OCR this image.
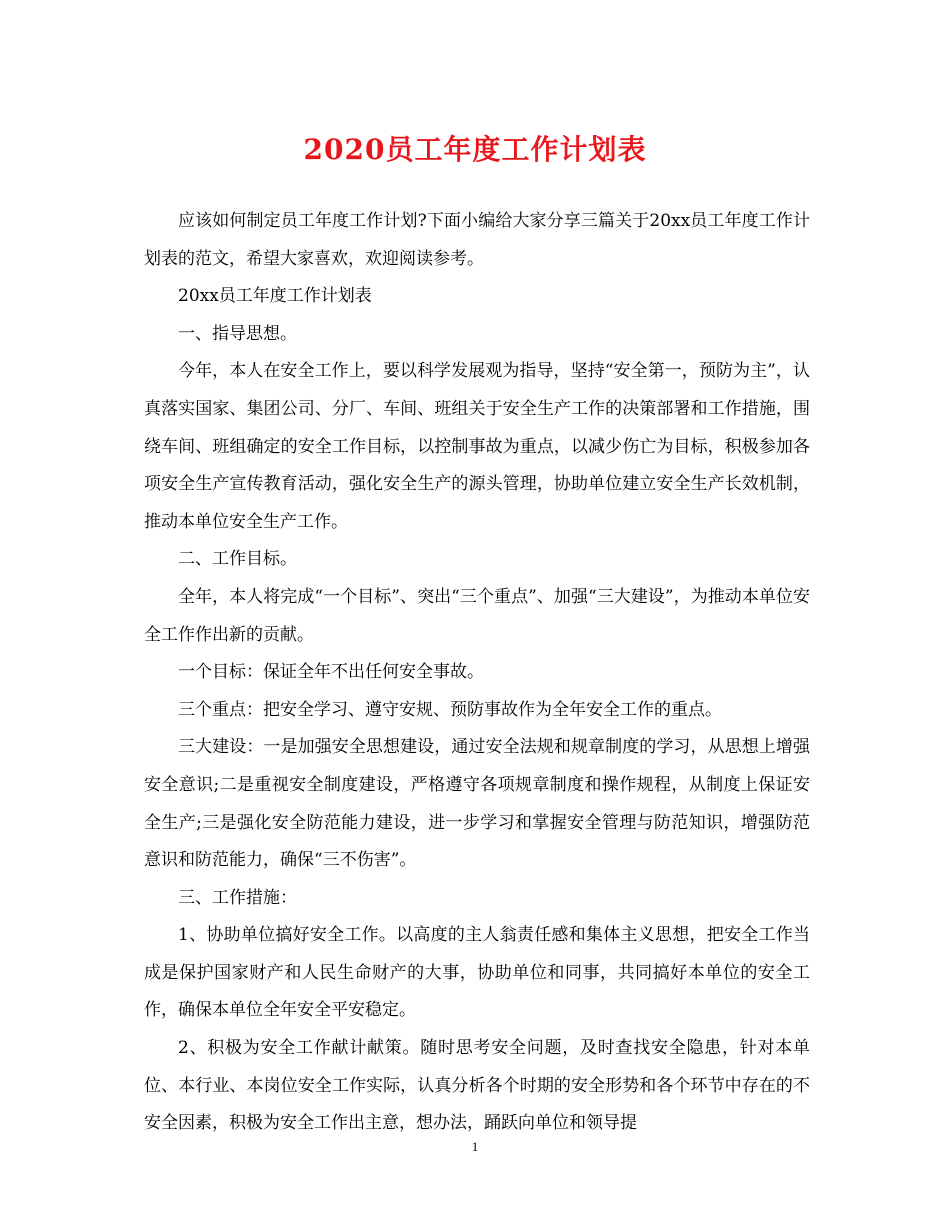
2020员工年度工作计划表

应该如何制定员工年度工作计划?下面小编给大家分享三篇关于20xx员工年度工作计划表的范文，希望大家喜欢，欢迎阅读参考。

20xx员工年度工作计划表

一、指导思想。

今年，本人在安全工作上，要以科学发展观为指导，坚持“安全第一，预防为主”，认真落实国家、集团公司、分厂、车间、班组关于安全生产工作的决策部署和工作措施，围绕车间、班组确定的安全工作目标，以控制事故为重点，以减少伤亡为目标，积极参加各项安全生产宣传教育活动，强化安全生产的源头管理，协助单位建立安全生产长效机制，推动本单位安全生产工作。

二、工作目标。

全年，本人将完成“一个目标”、突出“三个重点”、加强“三大建设”，为推动本单位安全工作作出新的贡献。

一个目标：保证全年不出任何安全事故。

三个重点：把安全学习、遵守安规、预防事故作为全年安全工作的重点。

三大建设：一是加强安全思想建设，通过安全法规和规章制度的学习，从思想上增强安全意识;二是重视安全制度建设，严格遵守各项规章制度和操作规程，从制度上保证安全生产;三是强化安全防范能力建设，进一步学习和掌握安全管理与防范知识，增强防范意识和防范能力，确保“三不伤害”。

三、工作措施：

1、协助单位搞好安全工作。以高度的主人翁责任感和集体主义思想，把安全工作当成是保护国家财产和人民生命财产的大事，协助单位和同事，共同搞好本单位的安全工作，确保本单位全年安全平安稳定。

2、积极为安全工作献计献策。随时思考安全问题，及时查找安全隐患，针对本单位、本行业、本岗位安全工作实际，认真分析各个时期的安全形势和各个环节中存在的不安全因素，积极为安全工作出主意，想办法，踊跃向单位和领导提

1
